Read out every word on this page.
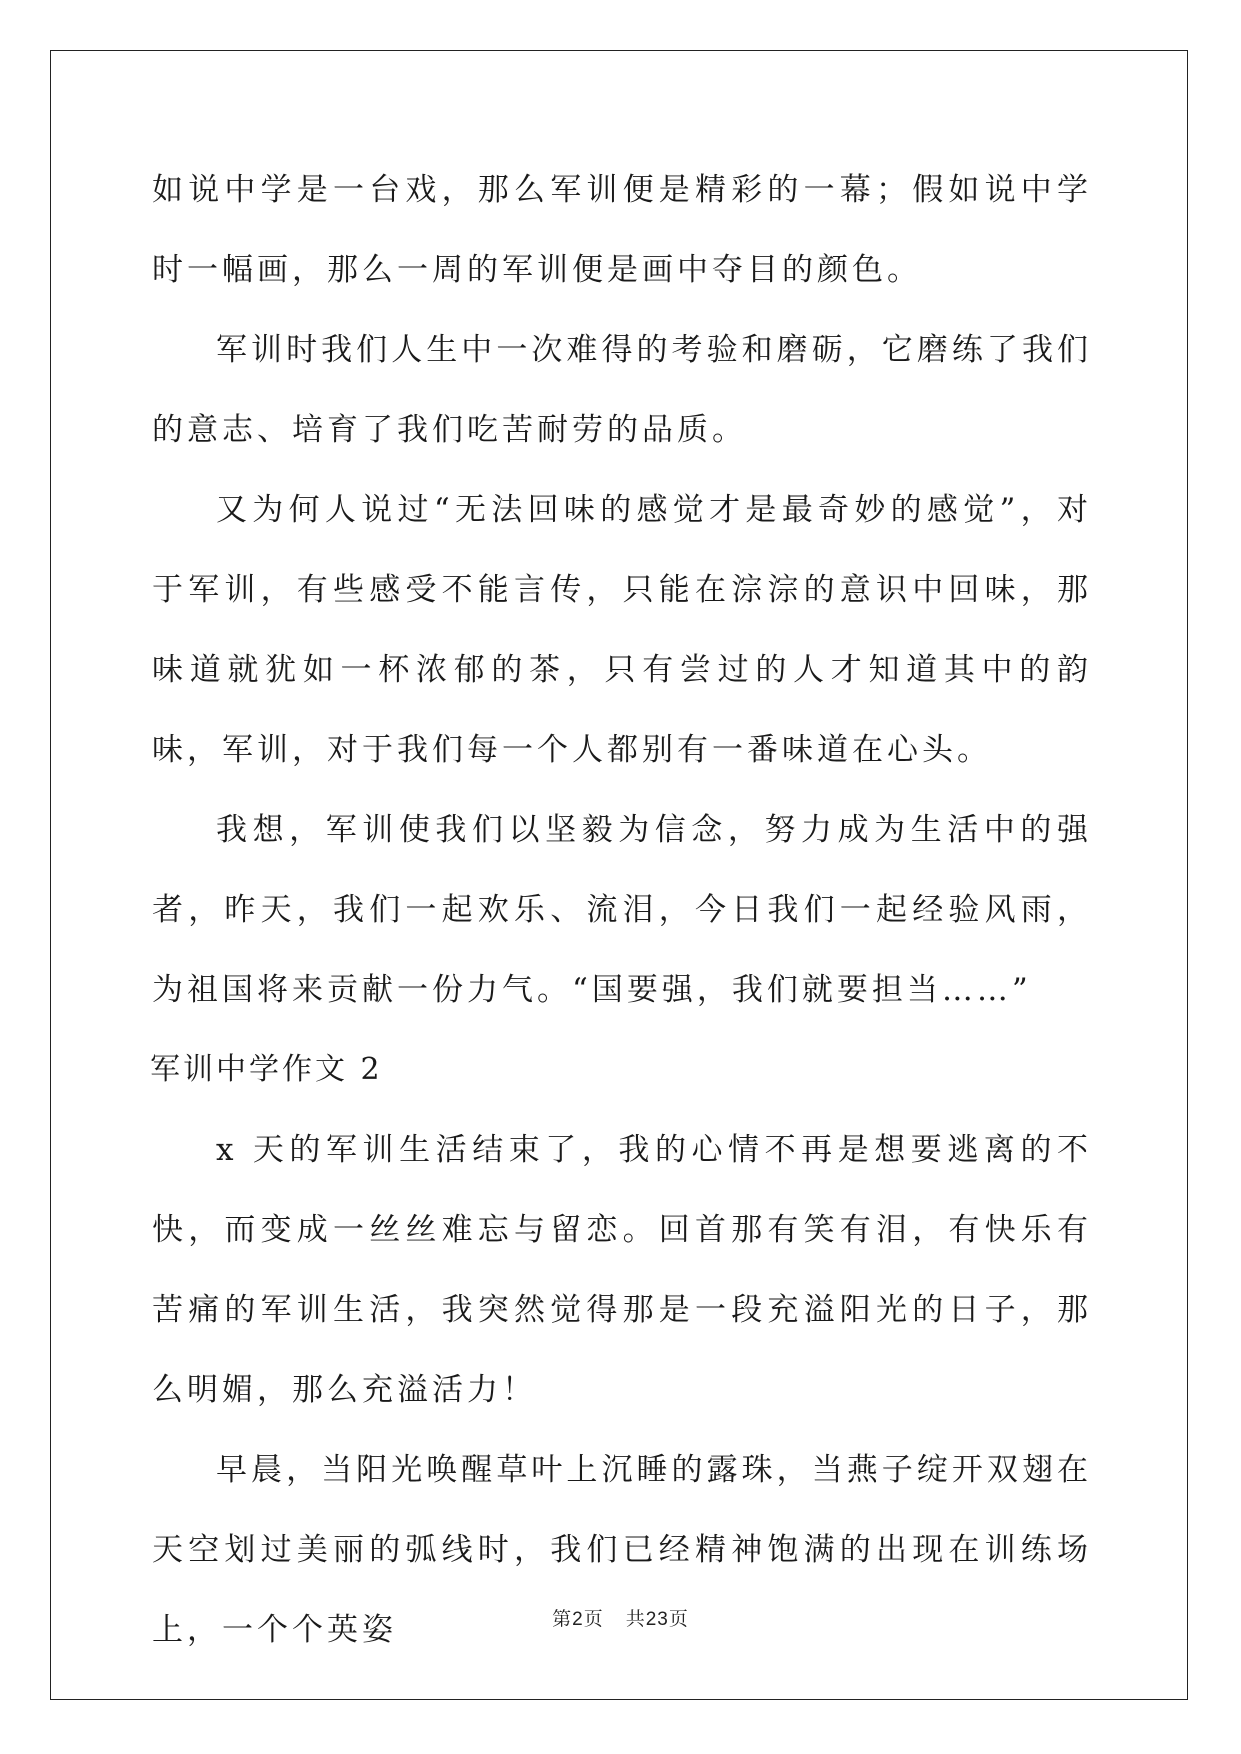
如说中学是一台戏，那么军训便是精彩的一幕；假如说中学时一幅画，那么一周的军训便是画中夺目的颜色。

军训时我们人生中一次难得的考验和磨砺，它磨练了我们的意志、培育了我们吃苦耐劳的品质。

又为何人说过“无法回味的感觉才是最奇妙的感觉”，对于军训，有些感受不能言传，只能在淙淙的意识中回味，那味道就犹如一杯浓郁的茶，只有尝过的人才知道其中的韵味，军训，对于我们每一个人都别有一番味道在心头。

我想，军训使我们以坚毅为信念，努力成为生活中的强者，昨天，我们一起欢乐、流泪，今日我们一起经验风雨，为祖国将来贡献一份力气。“国要强，我们就要担当……”

军训中学作文 2

x 天的军训生活结束了，我的心情不再是想要逃离的不快，而变成一丝丝难忘与留恋。回首那有笑有泪，有快乐有苦痛的军训生活，我突然觉得那是一段充溢阳光的日子，那么明媚，那么充溢活力！

早晨，当阳光唤醒草叶上沉睡的露珠，当燕子绽开双翅在天空划过美丽的弧线时，我们已经精神饱满的出现在训练场上，一个个英姿	第2页 共23页
